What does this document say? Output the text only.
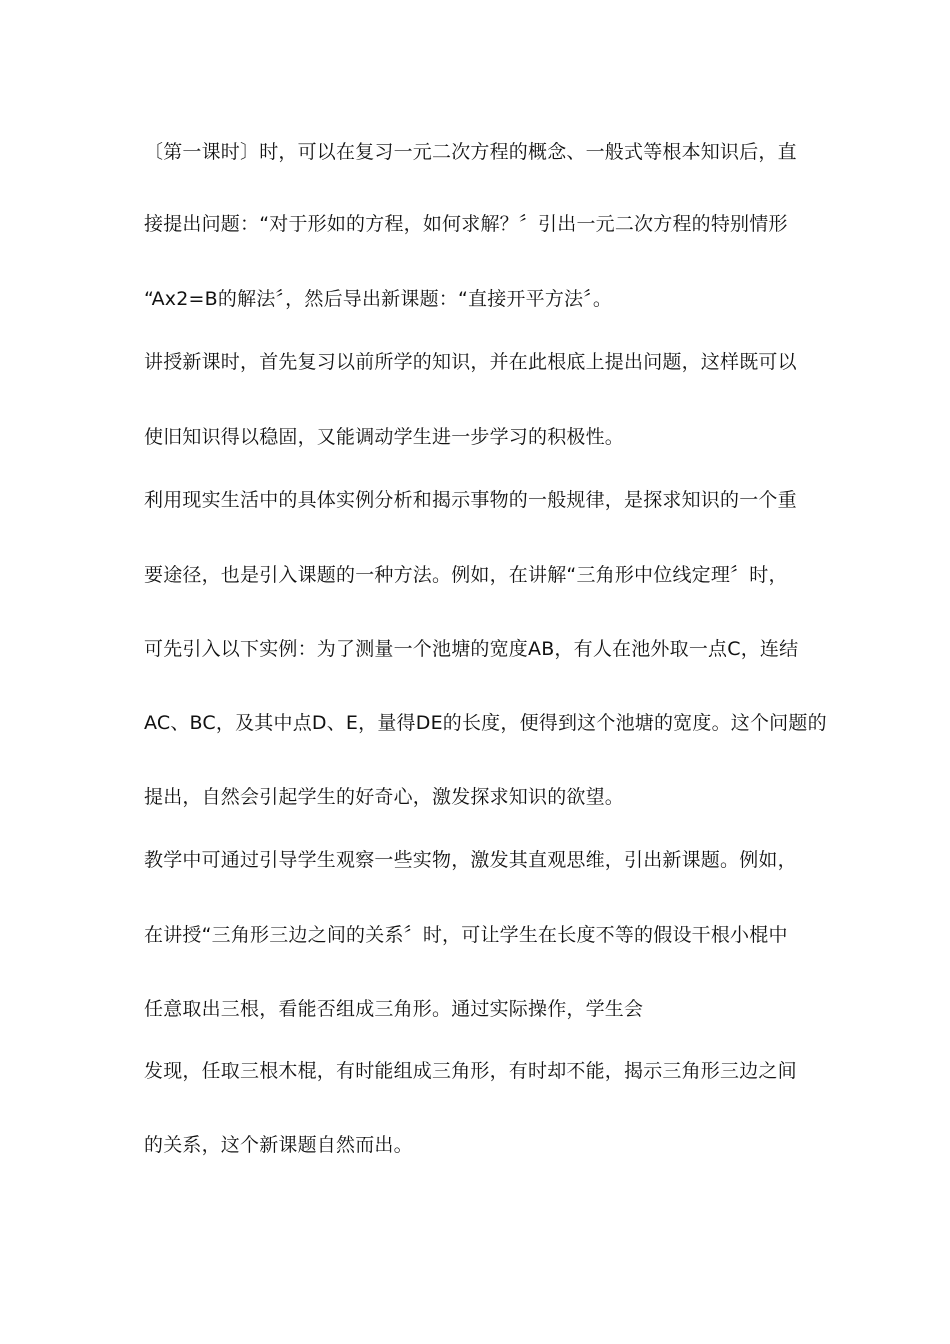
〔第一课时〕时，可以在复习一元二次方程的概念、一般式等根本知识后，直
接提出问题：“对于形如的方程，如何求解？〞引出一元二次方程的特别情形
“Ax2=B的解法〞，然后导出新课题：“直接开平方法〞。
讲授新课时，首先复习以前所学的知识，并在此根底上提出问题，这样既可以
使旧知识得以稳固，又能调动学生进一步学习的积极性。
利用现实生活中的具体实例分析和揭示事物的一般规律，是探求知识的一个重
要途径，也是引入课题的一种方法。例如，在讲解“三角形中位线定理〞时，
可先引入以下实例：为了测量一个池塘的宽度AB，有人在池外取一点C，连结
AC、BC，及其中点D、E，量得DE的长度，便得到这个池塘的宽度。这个问题的
提出，自然会引起学生的好奇心，激发探求知识的欲望。
教学中可通过引导学生观察一些实物，激发其直观思维，引出新课题。例如，
在讲授“三角形三边之间的关系〞时，可让学生在长度不等的假设干根小棍中
任意取出三根，看能否组成三角形。通过实际操作，学生会
发现，任取三根木棍，有时能组成三角形，有时却不能，揭示三角形三边之间
的关系，这个新课题自然而出。
